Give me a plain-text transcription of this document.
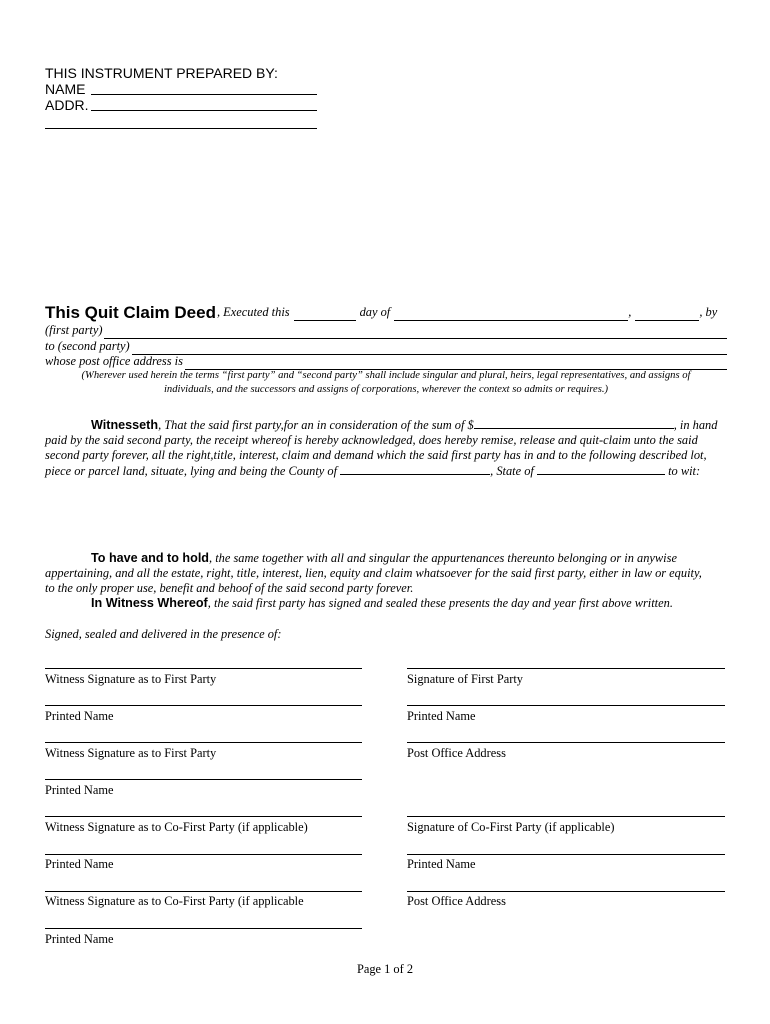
THIS INSTRUMENT PREPARED BY:
NAME
ADDR.
This Quit Claim Deed , Executed this	day of	,	, by
(first party)
to (second party)
whose post office address is
(Wherever used herein the terms “first party” and “second party” shall include singular and plural, heirs, legal representatives, and assigns of
individuals, and the successors and assigns of corporations, wherever the context so admits or requires.)
Witnesseth, That the said first party,for an in consideration of the sum of $	, in hand
paid by the said second party, the receipt whereof is hereby acknowledged, does hereby remise, release and quit-claim unto the said
second party forever, all the right,title, interest, claim and demand which the said first party has in and to the following described lot,
piece or parcel land, situate, lying and being the County of	, State of	to wit:
To have and to hold, the same together with all and singular the appurtenances thereunto belonging or in anywise
appertaining, and all the estate, right, title, interest, lien, equity and claim whatsoever for the said first party, either in law or equity,
to the only proper use, benefit and behoof of the said second party forever.
In Witness Whereof, the said first party has signed and sealed these presents the day and year first above written.
Signed, sealed and delivered in the presence of:
Witness Signature as to First Party
Printed Name
Witness Signature as to First Party
Printed Name
Witness Signature as to Co-First Party (if applicable)
Printed Name
Witness Signature as to Co-First Party (if applicable
Printed Name
Signature of First Party
Printed Name
Post Office Address
Signature of Co-First Party (if applicable)
Printed Name
Post Office Address
Page 1 of 2
